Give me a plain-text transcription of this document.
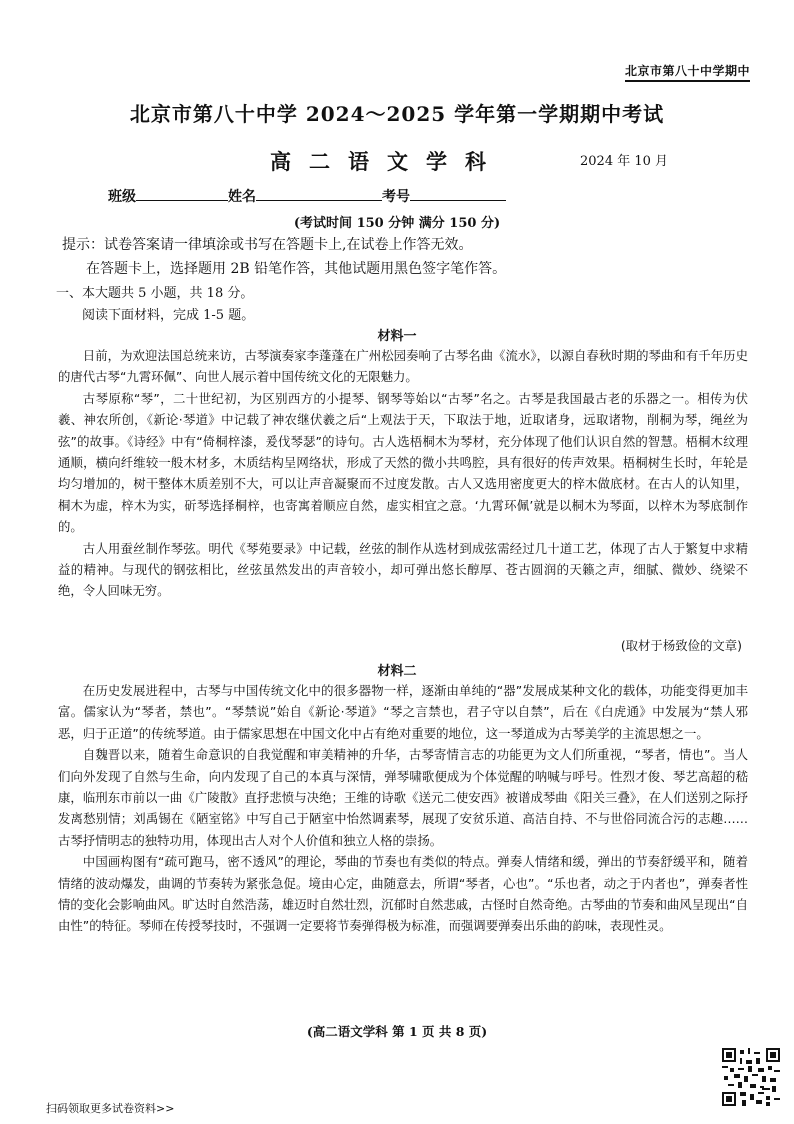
北京市第八十中学期中
北京市第八十中学 2024～2025 学年第一学期期中考试
高二语文学科	2024 年 10 月
班级	姓名	考号
(考试时间 150 分钟 满分 150 分)
提示：试卷答案请一律填涂或书写在答题卡上,在试卷上作答无效。
在答题卡上，选择题用 2B 铅笔作答，其他试题用黑色签字笔作答。
一、本大题共 5 小题，共 18 分。
阅读下面材料，完成 1-5 题。
材料一

日前，为欢迎法国总统来访，古琴演奏家李蓬蓬在广州松园奏响了古琴名曲《流水》，以源自春秋时期的琴曲和有千年历史的唐代古琴“九霄环佩”、向世人展示着中国传统文化的无限魅力。

古琴原称“琴”，二十世纪初，为区别西方的小提琴、钢琴等始以“古琴”名之。古琴是我国最古老的乐器之一。相传为伏羲、神农所创，《新论·琴道》中记载了神农继伏羲之后“上观法于天，下取法于地，近取诸身，远取诸物，削桐为琴，绳丝为弦”的故事。《诗经》中有“倚桐梓漆，爰伐琴瑟”的诗句。古人选梧桐木为琴材，充分体现了他们认识自然的智慧。梧桐木纹理通顺，横向纤维较一般木材多，木质结构呈网络状，形成了天然的微小共鸣腔，具有很好的传声效果。梧桐树生长时，年轮是均匀增加的，树干整体木质差别不大，可以让声音凝聚而不过度发散。古人又选用密度更大的梓木做底材。在古人的认知里，桐木为虚，梓木为实，斫琴选择桐梓，也寄寓着顺应自然，虚实相宜之意。‘九霄环佩’就是以桐木为琴面，以梓木为琴底制作的。

古人用蚕丝制作琴弦。明代《琴苑要录》中记载，丝弦的制作从选材到成弦需经过几十道工艺，体现了古人于繁复中求精益的精神。与现代的钢弦相比，丝弦虽然发出的声音较小，却可弹出悠长醇厚、苍古圆润的天籁之声，细腻、微妙、绕梁不绝，令人回味无穷。

(取材于杨致俭的文章)
材料二

在历史发展进程中，古琴与中国传统文化中的很多器物一样，逐渐由单纯的“器”发展成某种文化的载体，功能变得更加丰富。儒家认为“琴者，禁也”。“琴禁说”始自《新论·琴道》“琴之言禁也，君子守以自禁”，后在《白虎通》中发展为“禁人邪恶，归于正道”的传统琴道。由于儒家思想在中国文化中占有绝对重要的地位，这一琴道成为古琴美学的主流思想之一。

自魏晋以来，随着生命意识的自我觉醒和审美精神的升华，古琴寄情言志的功能更为文人们所重视，“琴者，情也”。当人们向外发现了自然与生命，向内发现了自己的本真与深情，弹琴啸歌便成为个体觉醒的呐喊与呼号。性烈才俊、琴艺高超的嵇康，临刑东市前以一曲《广陵散》直抒悲愤与决绝；王维的诗歌《送元二使安西》被谱成琴曲《阳关三叠》，在人们送别之际抒发离愁别情；刘禹锡在《陋室铭》中写自己于陋室中怡然调素琴，展现了安贫乐道、高洁自持、不与世俗同流合污的志趣……古琴抒情明志的独特功用，体现出古人对个人价值和独立人格的崇扬。

中国画构图有“疏可跑马，密不透风”的理论，琴曲的节奏也有类似的特点。弹奏人情绪和缓，弹出的节奏舒缓平和，随着情绪的波动爆发，曲调的节奏转为紧张急促。境由心定，曲随意去，所谓“琴者，心也”。“乐也者，动之于内者也”，弹奏者性情的变化会影响曲风。旷达时自然浩荡，雄迈时自然壮烈，沉郁时自然悲戚，古怪时自然奇绝。古琴曲的节奏和曲风呈现出“自由性”的特征。琴师在传授琴技时，不强调一定要将节奏弹得极为标准，而强调要弹奏出乐曲的韵味，表现性灵。

(高二语文学科 第 1 页 共 8 页)
扫码领取更多试卷资料>>
